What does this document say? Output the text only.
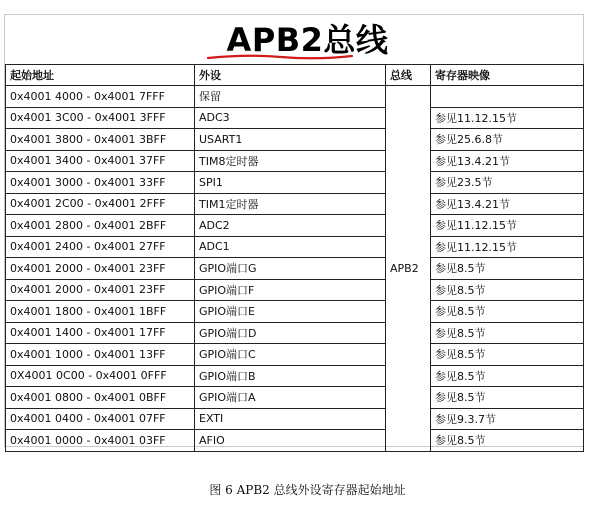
APB2总线
起始地址	外设	总线	寄存器映像
0x4001 4000 - 0x4001 7FFF	保留	APB2	
0x4001 3C00 - 0x4001 3FFF	ADC3		参见11.12.15节
0x4001 3800 - 0x4001 3BFF	USART1		参见25.6.8节
0x4001 3400 - 0x4001 37FF	TIM8定时器		参见13.4.21节
0x4001 3000 - 0x4001 33FF	SPI1		参见23.5节
0x4001 2C00 - 0x4001 2FFF	TIM1定时器		参见13.4.21节
0x4001 2800 - 0x4001 2BFF	ADC2		参见11.12.15节
0x4001 2400 - 0x4001 27FF	ADC1		参见11.12.15节
0x4001 2000 - 0x4001 23FF	GPIO端口G		参见8.5节
0x4001 2000 - 0x4001 23FF	GPIO端口F		参见8.5节
0x4001 1800 - 0x4001 1BFF	GPIO端口E		参见8.5节
0x4001 1400 - 0x4001 17FF	GPIO端口D		参见8.5节
0x4001 1000 - 0x4001 13FF	GPIO端口C		参见8.5节
0X4001 0C00 - 0x4001 0FFF	GPIO端口B		参见8.5节
0x4001 0800 - 0x4001 0BFF	GPIO端口A		参见8.5节
0x4001 0400 - 0x4001 07FF	EXTI		参见9.3.7节
0x4001 0000 - 0x4001 03FF	AFIO		参见8.5节
图 6 APB2 总线外设寄存器起始地址
